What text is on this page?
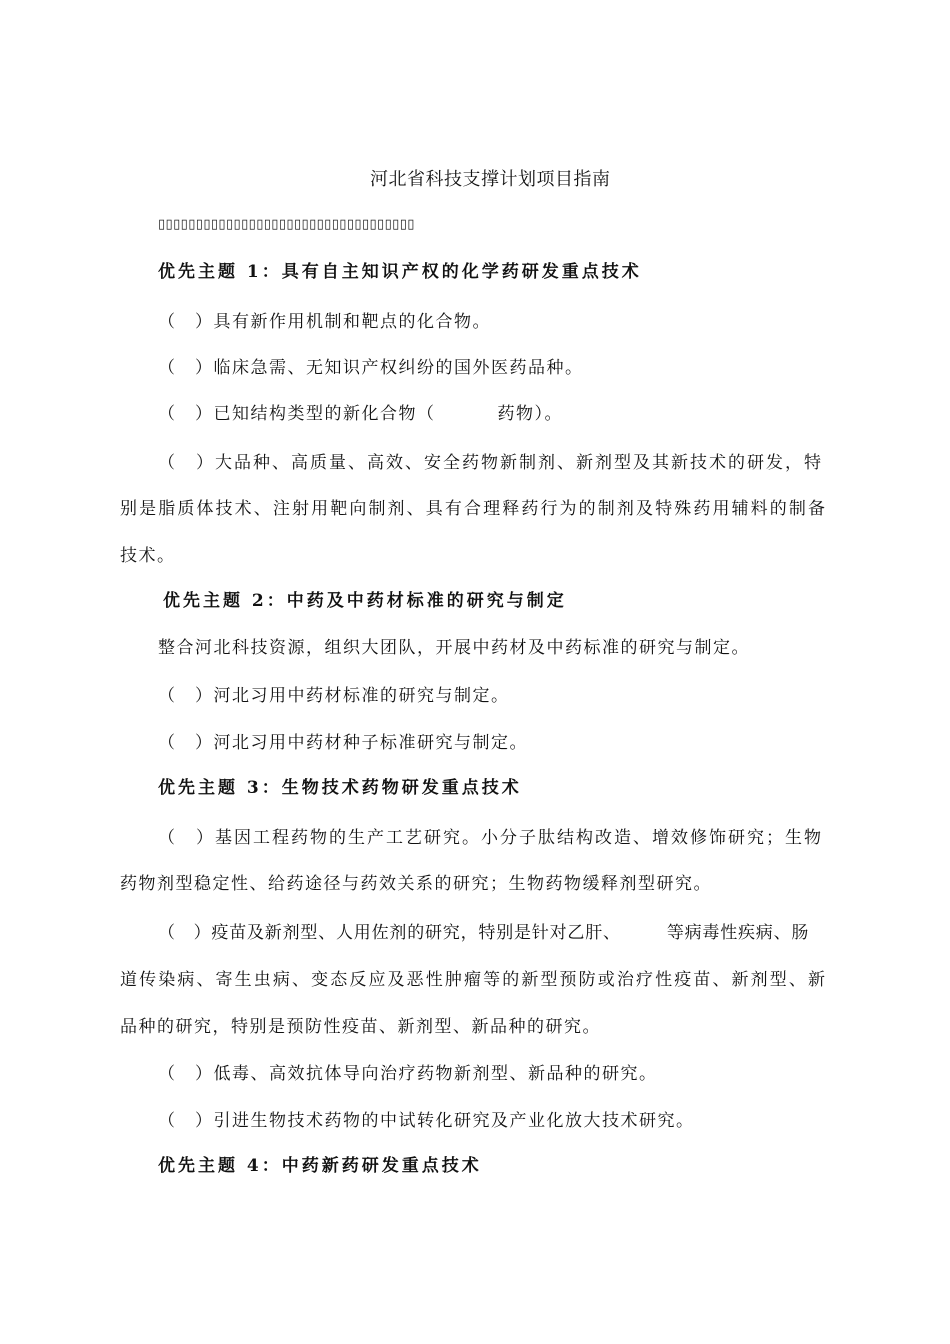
河北省科技支撑计划项目指南
▯▯▯▯▯▯▯▯▯▯▯▯▯▯▯▯▯▯▯▯▯▯▯▯▯▯▯▯▯▯▯▯▯▯
优先主题 1：具有自主知识产权的化学药研发重点技术
（　）具有新作用机制和靶点的化合物。
（　）临床急需、无知识产权纠纷的国外医药品种。
（　）已知结构类型的新化合物（	药物）。
（　）大品种、高质量、高效、安全药物新制剂、新剂型及其新技术的研发，特
别是脂质体技术、注射用靶向制剂、具有合理释药行为的制剂及特殊药用辅料的制备
技术。
优先主题 2：中药及中药材标准的研究与制定
整合河北科技资源，组织大团队，开展中药材及中药标准的研究与制定。
（　）河北习用中药材标准的研究与制定。
（　）河北习用中药材种子标准研究与制定。
优先主题 3：生物技术药物研发重点技术
（　）基因工程药物的生产工艺研究。小分子肽结构改造、增效修饰研究；生物
药物剂型稳定性、给药途径与药效关系的研究；生物药物缓释剂型研究。
（　）疫苗及新剂型、人用佐剂的研究，特别是针对乙肝、	等病毒性疾病、肠
道传染病、寄生虫病、变态反应及恶性肿瘤等的新型预防或治疗性疫苗、新剂型、新
品种的研究，特别是预防性疫苗、新剂型、新品种的研究。
（　）低毒、高效抗体导向治疗药物新剂型、新品种的研究。
（　）引进生物技术药物的中试转化研究及产业化放大技术研究。
优先主题 4：中药新药研发重点技术
